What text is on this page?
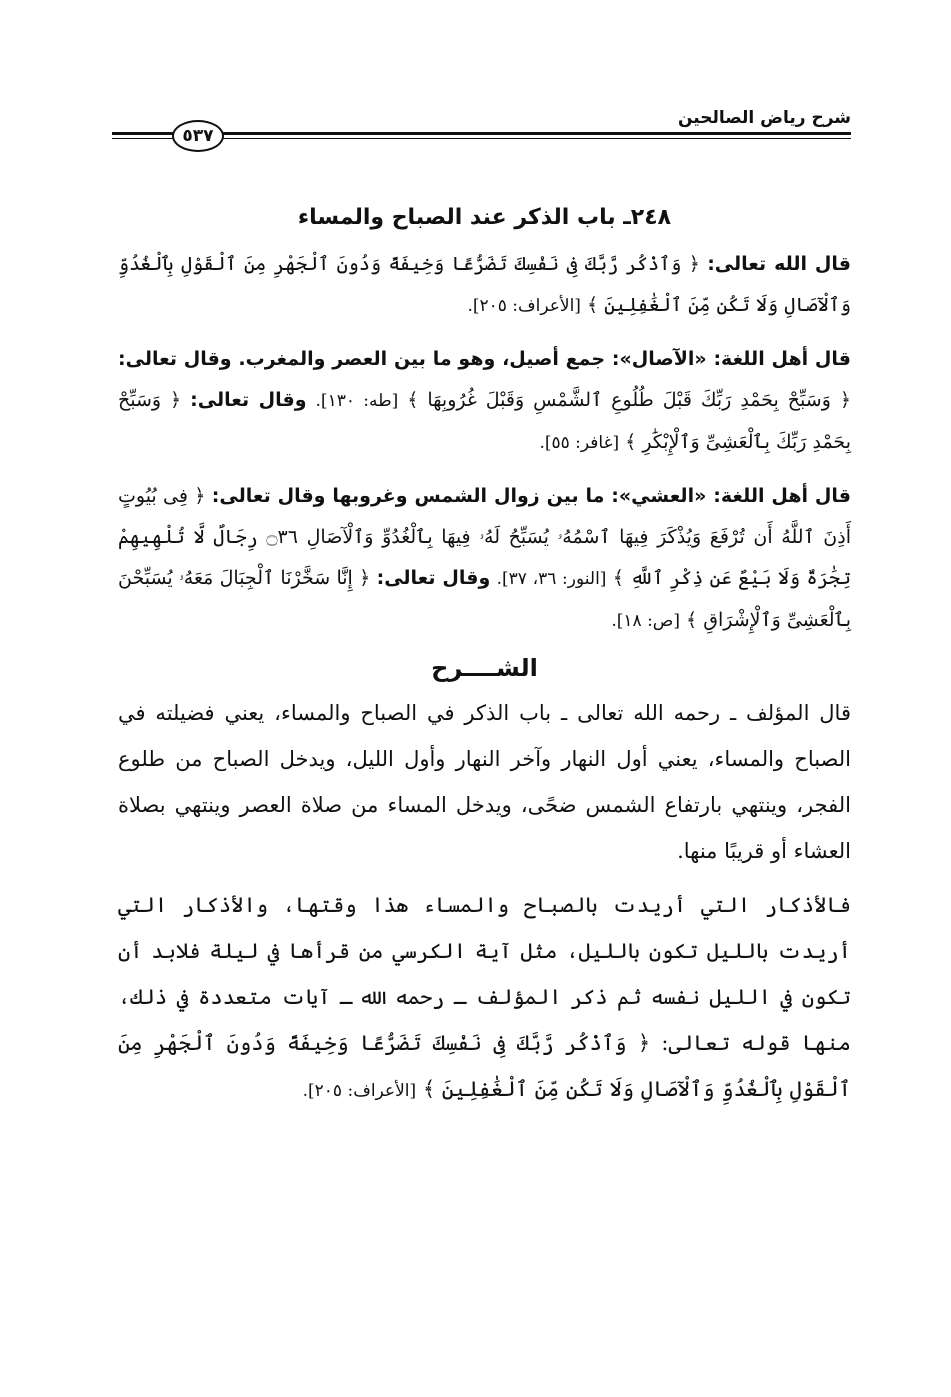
شرح رياض الصالحين
٥٣٧
٢٤٨ـ باب الذكر عند الصباح والمساء

قال الله تعالى: ﴿ وَٱذْكُر رَّبَّكَ فِى نَفْسِكَ تَضَرُّعًا وَخِيفَةً وَدُونَ ٱلْجَهْرِ مِنَ ٱلْقَوْلِ بِٱلْغُدُوِّ وَٱلْآصَالِ وَلَا تَكُن مِّنَ ٱلْغَٰفِلِينَ ﴾ [الأعراف: ٢٠٥].

قال أهل اللغة: «الآصال»: جمع أصيل، وهو ما بين العصر والمغرب. وقال تعالى: ﴿ وَسَبِّحْ بِحَمْدِ رَبِّكَ قَبْلَ طُلُوعِ ٱلشَّمْسِ وَقَبْلَ غُرُوبِهَا ﴾ [طه: ١٣٠]. وقال تعالى: ﴿ وَسَبِّحْ بِحَمْدِ رَبِّكَ بِٱلْعَشِىِّ وَٱلْإِبْكَٰرِ ﴾ [غافر: ٥٥].

قال أهل اللغة: «العشي»: ما بين زوال الشمس وغروبها وقال تعالى: ﴿ فِى بُيُوتٍ أَذِنَ ٱللَّهُ أَن تُرْفَعَ وَيُذْكَرَ فِيهَا ٱسْمُهُۥ يُسَبِّحُ لَهُۥ فِيهَا بِٱلْغُدُوِّ وَٱلْآصَالِ ۝٣٦ رِجَالٌ لَّا تُلْهِيهِمْ تِجَٰرَةٌ وَلَا بَيْعٌ عَن ذِكْرِ ٱللَّهِ ﴾ [النور: ٣٦، ٣٧]. وقال تعالى: ﴿ إِنَّا سَخَّرْنَا ٱلْجِبَالَ مَعَهُۥ يُسَبِّحْنَ بِٱلْعَشِىِّ وَٱلْإِشْرَاقِ ﴾ [ص: ١٨].

الشــــرح

قال المؤلف ـ رحمه الله تعالى ـ باب الذكر في الصباح والمساء، يعني فضيلته في الصباح والمساء، يعني أول النهار وآخر النهار وأول الليل، ويدخل الصباح من طلوع الفجر، وينتهي بارتفاع الشمس ضحًى، ويدخل المساء من صلاة العصر وينتهي بصلاة العشاء أو قريبًا منها.

فالأذكار التي أريدت بالصباح والمساء هذا وقتها، والأذكار التي أريدت بالليل تكون بالليل، مثل آية الكرسي من قرأها في ليلة فلابد أن تكون في الليل نفسه ثم ذكر المؤلف ـ رحمه الله ـ آيات متعددة في ذلك، منها قوله تعالى: ﴿ وَٱذْكُر رَّبَّكَ فِى نَفْسِكَ تَضَرُّعًا وَخِيفَةً وَدُونَ ٱلْجَهْرِ مِنَ ٱلْقَوْلِ بِٱلْغُدُوِّ وَٱلْآصَالِ وَلَا تَكُن مِّنَ ٱلْغَٰفِلِينَ ﴾ [الأعراف: ٢٠٥].
